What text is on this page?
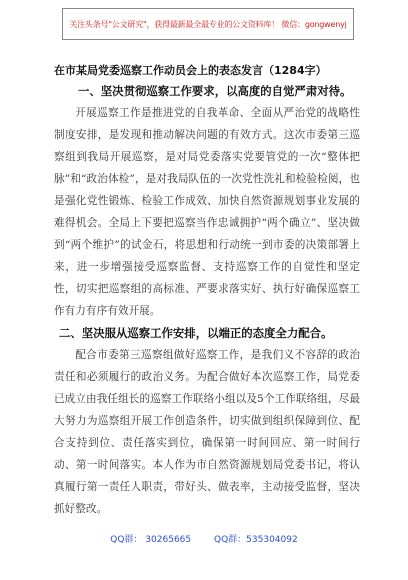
关注头条号"公文研究"，获得最新最全最专业的公文资料库！ 微信：gongwenyj

在市某局党委巡察工作动员会上的表态发言（1284字）

一、坚决贯彻巡察工作要求，以高度的自觉严肃对待。

开展巡察工作是推进党的自我革命、全面从严治党的战略性制度安排，是发现和推动解决问题的有效方式。这次市委第三巡察组到我局开展巡察，是对局党委落实党要管党的一次“整体把脉”和“政治体检”，是对我局队伍的一次党性洗礼和检验检阅，也是强化党性锻炼、检验工作成效、加快自然资源规划事业发展的难得机会。全局上下要把巡察当作忠诚拥护“两个确立”、坚决做到“两个维护”的试金石，将思想和行动统一到市委的决策部署上来，进一步增强接受巡察监督、支持巡察工作的自觉性和坚定性，切实把巡察组的高标准、严要求落实好、执行好确保巡察工作有力有序有效开展。

二、坚决服从巡察工作安排，以端正的态度全力配合。

配合市委第三巡察组做好巡察工作，是我们义不容辞的政治责任和必须履行的政治义务。为配合做好本次巡察工作，局党委已成立由我任组长的巡察工作联络小组以及5个工作联络组，尽最大努力为巡察组开展工作创造条件，切实做到组织保障到位、配合支持到位、责任落实到位，确保第一时间回应、第一时间行动、第一时间落实。本人作为市自然资源规划局党委书记，将认真履行第一责任人职责，带好头、做表率，主动接受监督，坚决抓好整改。

QQ群： 30265665        QQ群：535304092
